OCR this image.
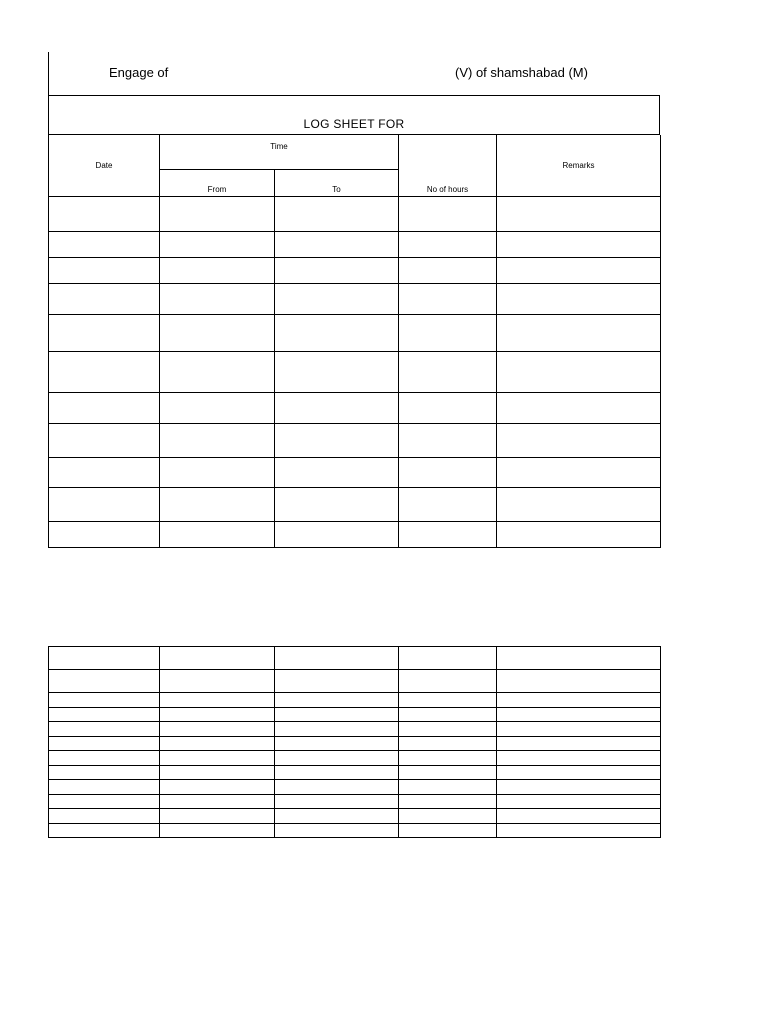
Engage of	(V) of shamshabad (M)
LOG SHEET FOR
Date	Time		No of hours	Remarks
	From	To		
